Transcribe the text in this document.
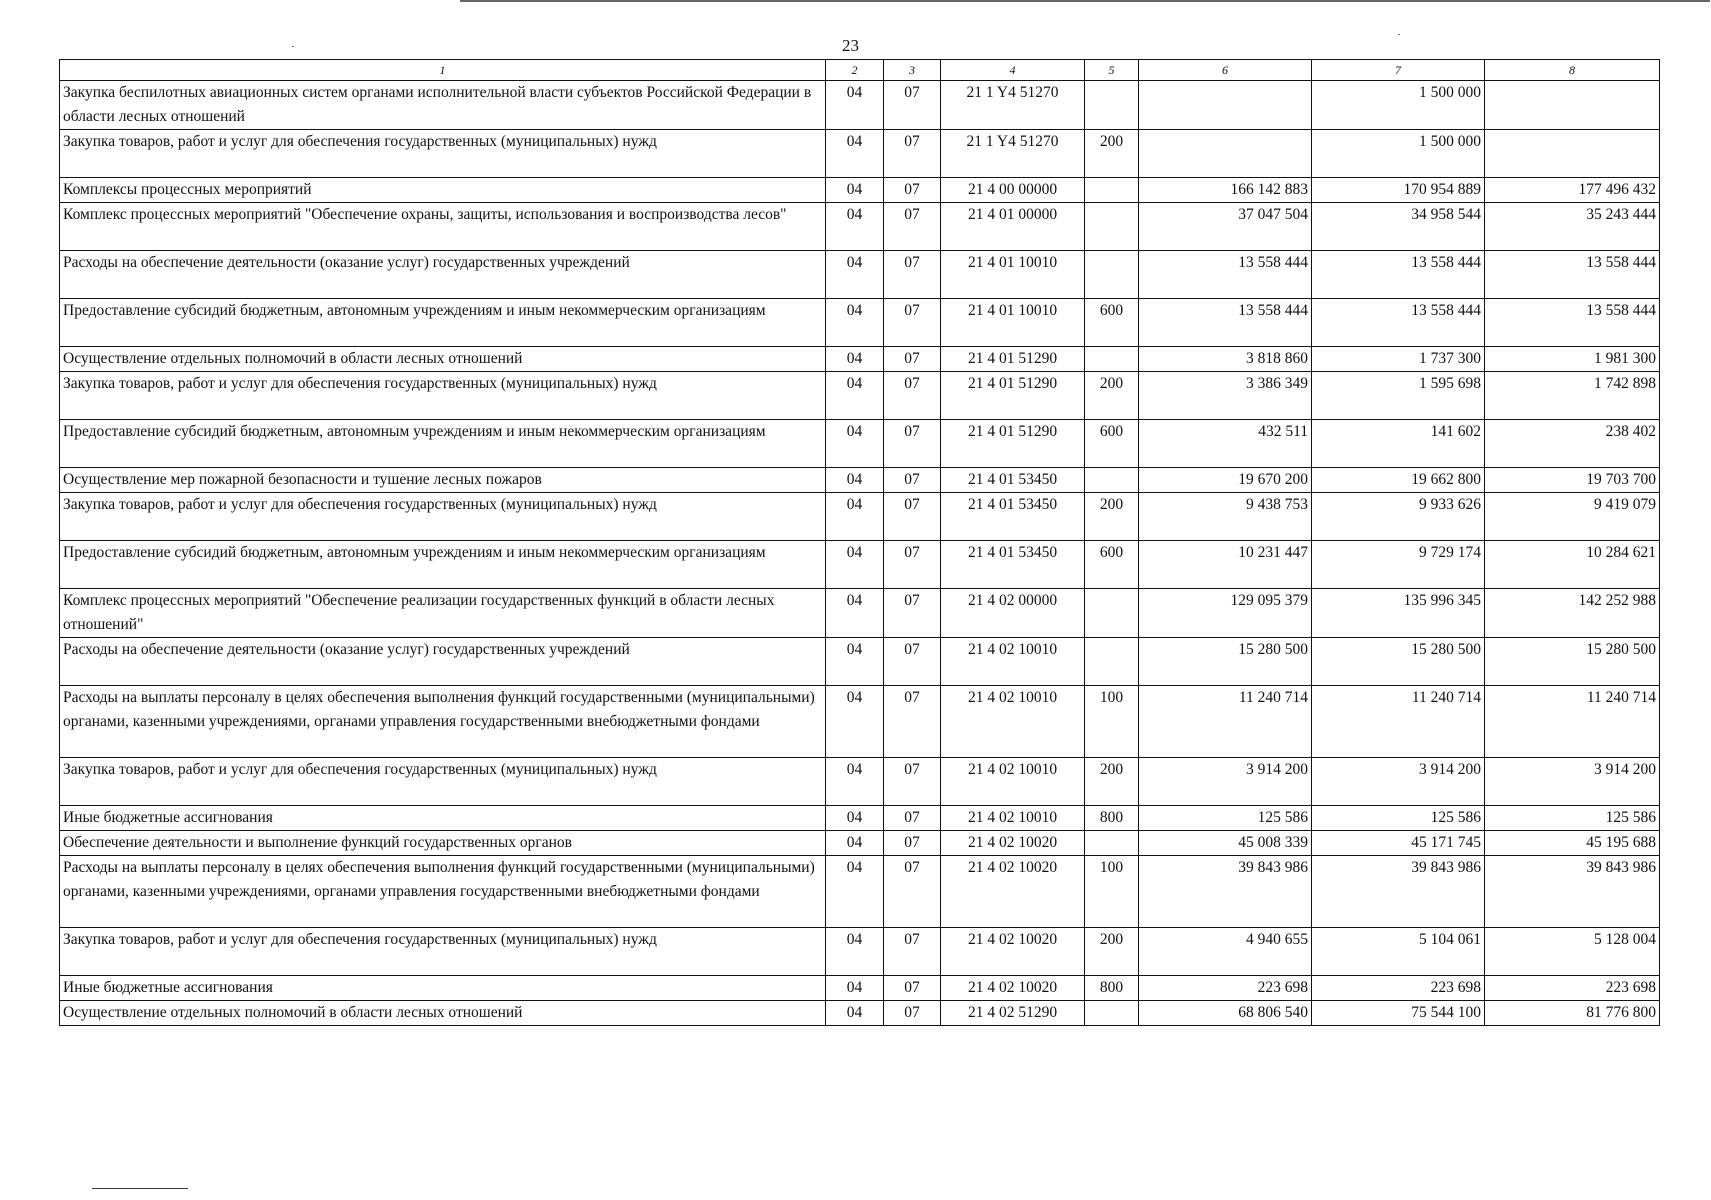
23
1	2	3	4	5	6	7	8
Закупка беспилотных авиационных систем органами исполнительной власти субъектов Российской Федерации в области лесных отношений	04	07	21 1 Y4 51270			1 500 000	
Закупка товаров, работ и услуг для обеспечения государственных (муниципальных) нужд	04	07	21 1 Y4 51270	200		1 500 000	
Комплексы процессных мероприятий	04	07	21 4 00 00000		166 142 883	170 954 889	177 496 432
Комплекс процессных мероприятий "Обеспечение охраны, защиты, использования и воспроизводства лесов"	04	07	21 4 01 00000		37 047 504	34 958 544	35 243 444
Расходы на обеспечение деятельности (оказание услуг) государственных учреждений	04	07	21 4 01 10010		13 558 444	13 558 444	13 558 444
Предоставление субсидий бюджетным, автономным учреждениям и иным некоммерческим организациям	04	07	21 4 01 10010	600	13 558 444	13 558 444	13 558 444
Осуществление отдельных полномочий в области лесных отношений	04	07	21 4 01 51290		3 818 860	1 737 300	1 981 300
Закупка товаров, работ и услуг для обеспечения государственных (муниципальных) нужд	04	07	21 4 01 51290	200	3 386 349	1 595 698	1 742 898
Предоставление субсидий бюджетным, автономным учреждениям и иным некоммерческим организациям	04	07	21 4 01 51290	600	432 511	141 602	238 402
Осуществление мер пожарной безопасности и тушение лесных пожаров	04	07	21 4 01 53450		19 670 200	19 662 800	19 703 700
Закупка товаров, работ и услуг для обеспечения государственных (муниципальных) нужд	04	07	21 4 01 53450	200	9 438 753	9 933 626	9 419 079
Предоставление субсидий бюджетным, автономным учреждениям и иным некоммерческим организациям	04	07	21 4 01 53450	600	10 231 447	9 729 174	10 284 621
Комплекс процессных мероприятий "Обеспечение реализации государственных функций в области лесных отношений"	04	07	21 4 02 00000		129 095 379	135 996 345	142 252 988
Расходы на обеспечение деятельности (оказание услуг) государственных учреждений	04	07	21 4 02 10010		15 280 500	15 280 500	15 280 500
Расходы на выплаты персоналу в целях обеспечения выполнения функций государственными (муниципальными) органами, казенными учреждениями, органами управления государственными внебюджетными фондами	04	07	21 4 02 10010	100	11 240 714	11 240 714	11 240 714
Закупка товаров, работ и услуг для обеспечения государственных (муниципальных) нужд	04	07	21 4 02 10010	200	3 914 200	3 914 200	3 914 200
Иные бюджетные ассигнования	04	07	21 4 02 10010	800	125 586	125 586	125 586
Обеспечение деятельности и выполнение функций государственных органов	04	07	21 4 02 10020		45 008 339	45 171 745	45 195 688
Расходы на выплаты персоналу в целях обеспечения выполнения функций государственными (муниципальными) органами, казенными учреждениями, органами управления государственными внебюджетными фондами	04	07	21 4 02 10020	100	39 843 986	39 843 986	39 843 986
Закупка товаров, работ и услуг для обеспечения государственных (муниципальных) нужд	04	07	21 4 02 10020	200	4 940 655	5 104 061	5 128 004
Иные бюджетные ассигнования	04	07	21 4 02 10020	800	223 698	223 698	223 698
Осуществление отдельных полномочий в области лесных отношений	04	07	21 4 02 51290		68 806 540	75 544 100	81 776 800
